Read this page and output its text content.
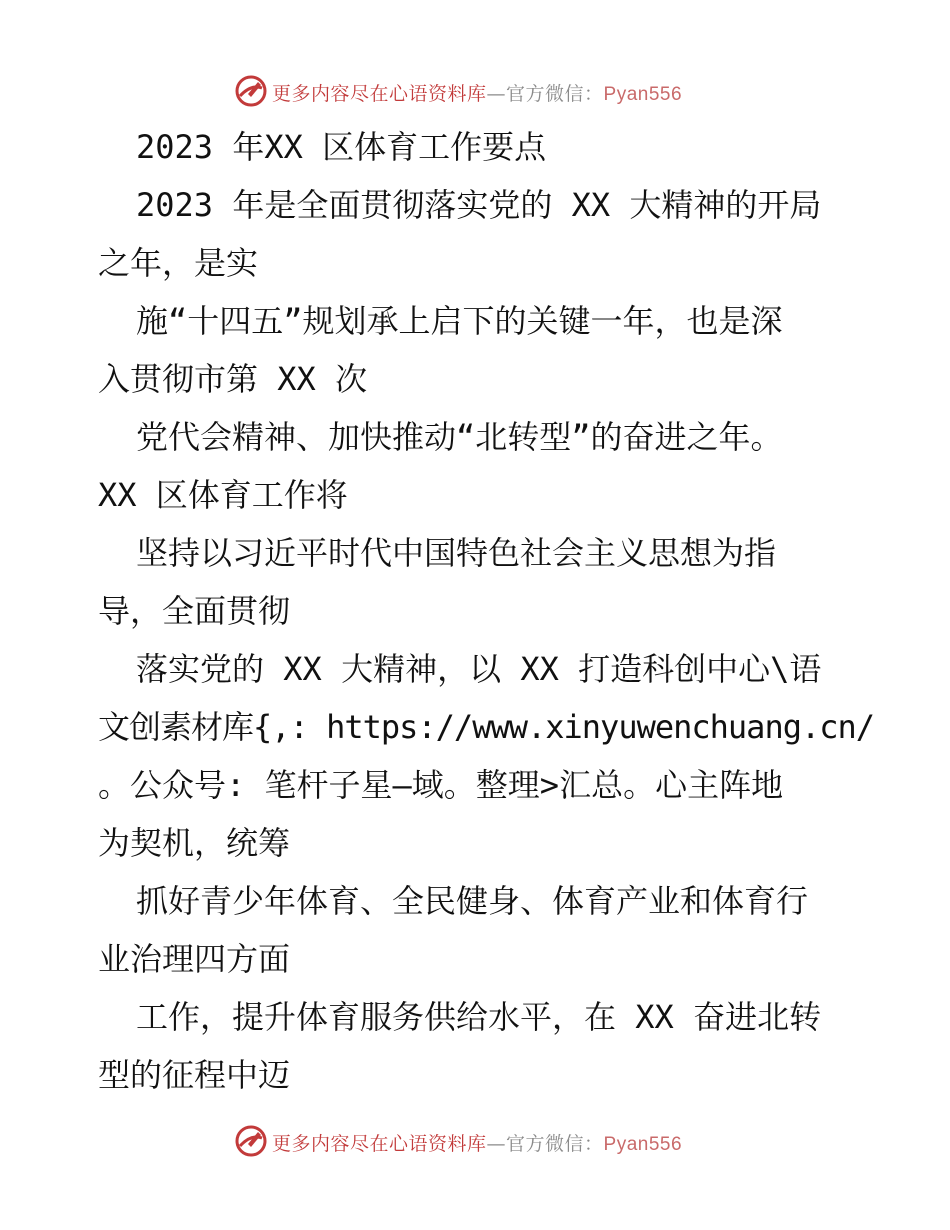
更多内容尽在心语资料库—官方微信：Pyan556
2023 年XX 区体育工作要点
2023 年是全面贯彻落实党的 XX 大精神的开局
之年，是实
施“十四五”规划承上启下的关键一年，也是深
入贯彻市第 XX 次
党代会精神、加快推动“北转型”的奋进之年。
XX 区体育工作将
坚持以习近平时代中国特色社会主义思想为指
导，全面贯彻
落实党的 XX 大精神，以 XX 打造科创中心\语
文创素材库{,: https://www.xinyuwenchuang.cn/
。公众号: 笔杆子星—域。整理>汇总。心主阵地
为契机，统筹
抓好青少年体育、全民健身、体育产业和体育行
业治理四方面
工作，提升体育服务供给水平，在 XX 奋进北转
型的征程中迈
更多内容尽在心语资料库—官方微信：Pyan556
